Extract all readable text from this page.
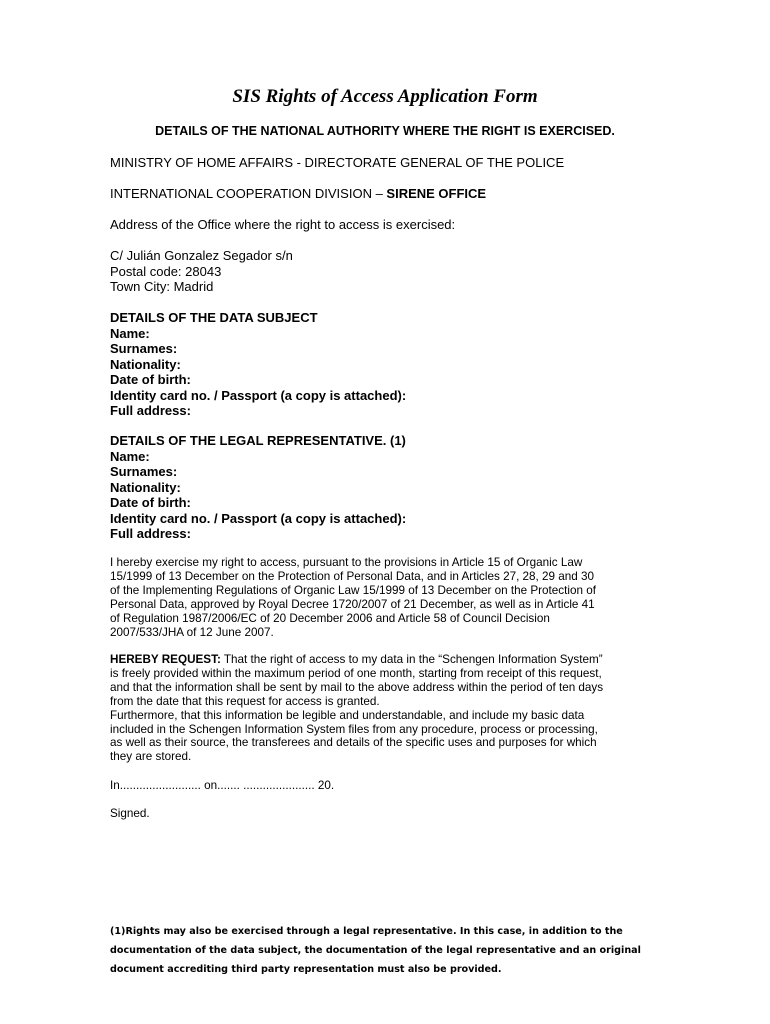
SIS Rights of Access Application Form
DETAILS OF THE NATIONAL AUTHORITY WHERE THE RIGHT IS EXERCISED.
MINISTRY OF HOME AFFAIRS - DIRECTORATE GENERAL OF THE POLICE
INTERNATIONAL COOPERATION DIVISION – SIRENE OFFICE
Address of the Office where the right to access is exercised:
C/ Julián Gonzalez Segador s/n
Postal code: 28043
Town City: Madrid
DETAILS OF THE DATA SUBJECT
Name:
Surnames:
Nationality:
Date of birth:
Identity card no. / Passport (a copy is attached):
Full address:
DETAILS OF THE LEGAL REPRESENTATIVE. (1)
Name:
Surnames:
Nationality:
Date of birth:
Identity card no. / Passport (a copy is attached):
Full address:
I hereby exercise my right to access, pursuant to the provisions in Article 15 of Organic Law
15/1999 of 13 December on the Protection of Personal Data, and in Articles 27, 28, 29 and 30
of the Implementing Regulations of Organic Law 15/1999 of 13 December on the Protection of
Personal Data, approved by Royal Decree 1720/2007 of 21 December, as well as in Article 41
of Regulation 1987/2006/EC of 20 December 2006 and Article 58 of Council Decision
2007/533/JHA of 12 June 2007.
HEREBY REQUEST: That the right of access to my data in the “Schengen Information System”
is freely provided within the maximum period of one month, starting from receipt of this request,
and that the information shall be sent by mail to the above address within the period of ten days
from the date that this request for access is granted.
Furthermore, that this information be legible and understandable, and include my basic data
included in the Schengen Information System files from any procedure, process or processing,
as well as their source, the transferees and details of the specific uses and purposes for which
they are stored.
In......................... on....... ...................... 20.
Signed.
(1)Rights may also be exercised through a legal representative. In this case, in addition to the
documentation of the data subject, the documentation of the legal representative and an original
document accrediting third party representation must also be provided.
